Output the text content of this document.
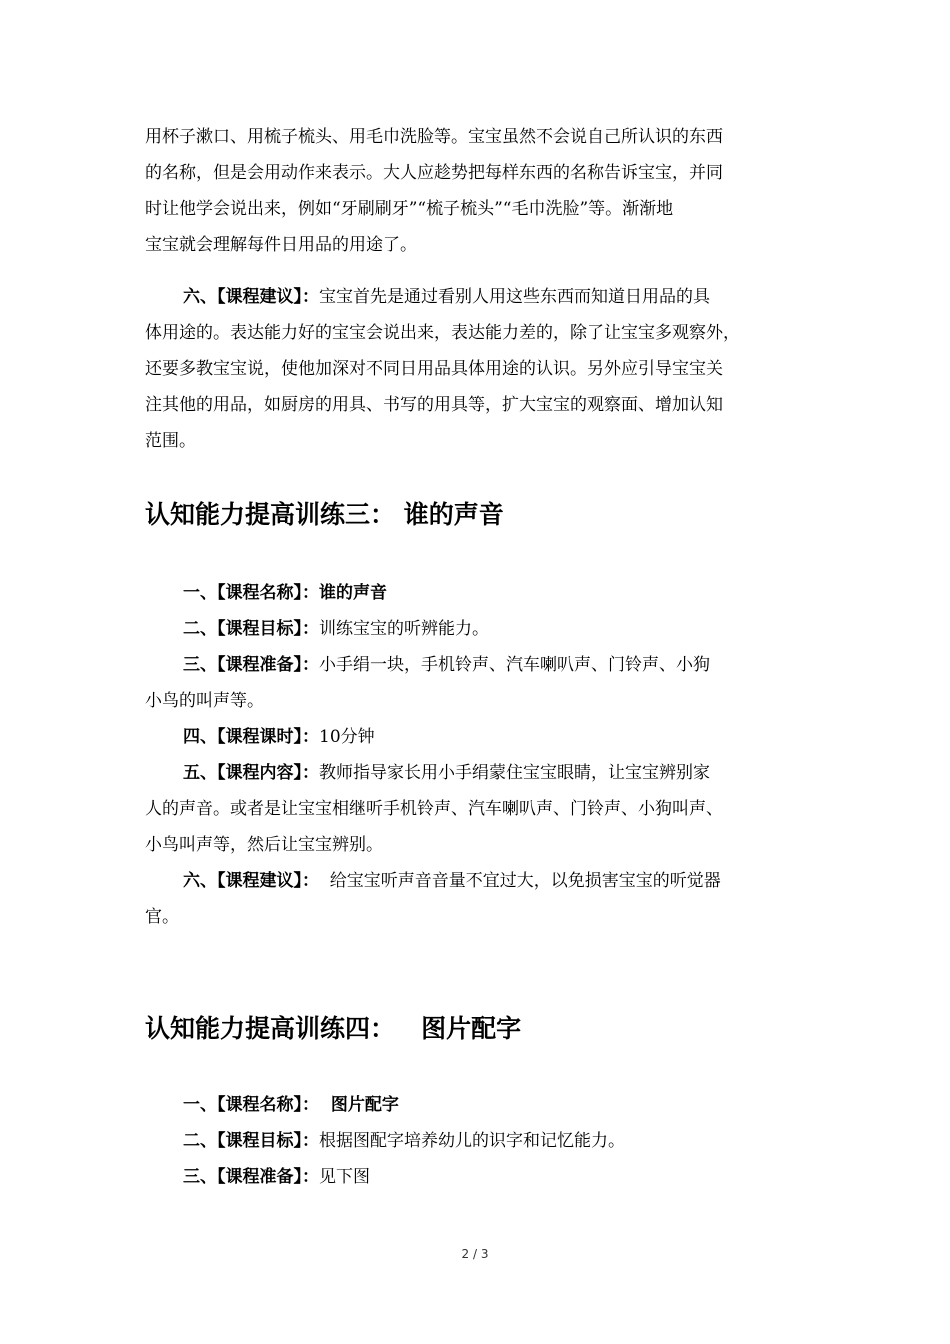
用杯子漱口、用梳子梳头、用毛巾洗脸等。宝宝虽然不会说自己所认识的东西
的名称，但是会用动作来表示。大人应趁势把每样东西的名称告诉宝宝，并同
时让他学会说出来，例如“牙刷刷牙”“梳子梳头”“毛巾洗脸”等。渐渐地
宝宝就会理解每件日用品的用途了。
六、【课程建议】：宝宝首先是通过看别人用这些东西而知道日用品的具
体用途的。表达能力好的宝宝会说出来，表达能力差的，除了让宝宝多观察外，
还要多教宝宝说，使他加深对不同日用品具体用途的认识。另外应引导宝宝关
注其他的用品，如厨房的用具、书写的用具等，扩大宝宝的观察面、增加认知
范围。
认知能力提高训练三： 谁的声音
一、【课程名称】：谁的声音
二、【课程目标】：训练宝宝的听辨能力。
三、【课程准备】：小手绢一块，手机铃声、汽车喇叭声、门铃声、小狗
小鸟的叫声等。
四、【课程课时】：10分钟
五、【课程内容】：教师指导家长用小手绢蒙住宝宝眼睛，让宝宝辨别家
人的声音。或者是让宝宝相继听手机铃声、汽车喇叭声、门铃声、小狗叫声、
小鸟叫声等，然后让宝宝辨别。
六、【课程建议】：  给宝宝听声音音量不宜过大，以免损害宝宝的听觉器
官。
认知能力提高训练四：   图片配字
一、【课程名称】：  图片配字
二、【课程目标】：根据图配字培养幼儿的识字和记忆能力。
三、【课程准备】：见下图
2 / 3
